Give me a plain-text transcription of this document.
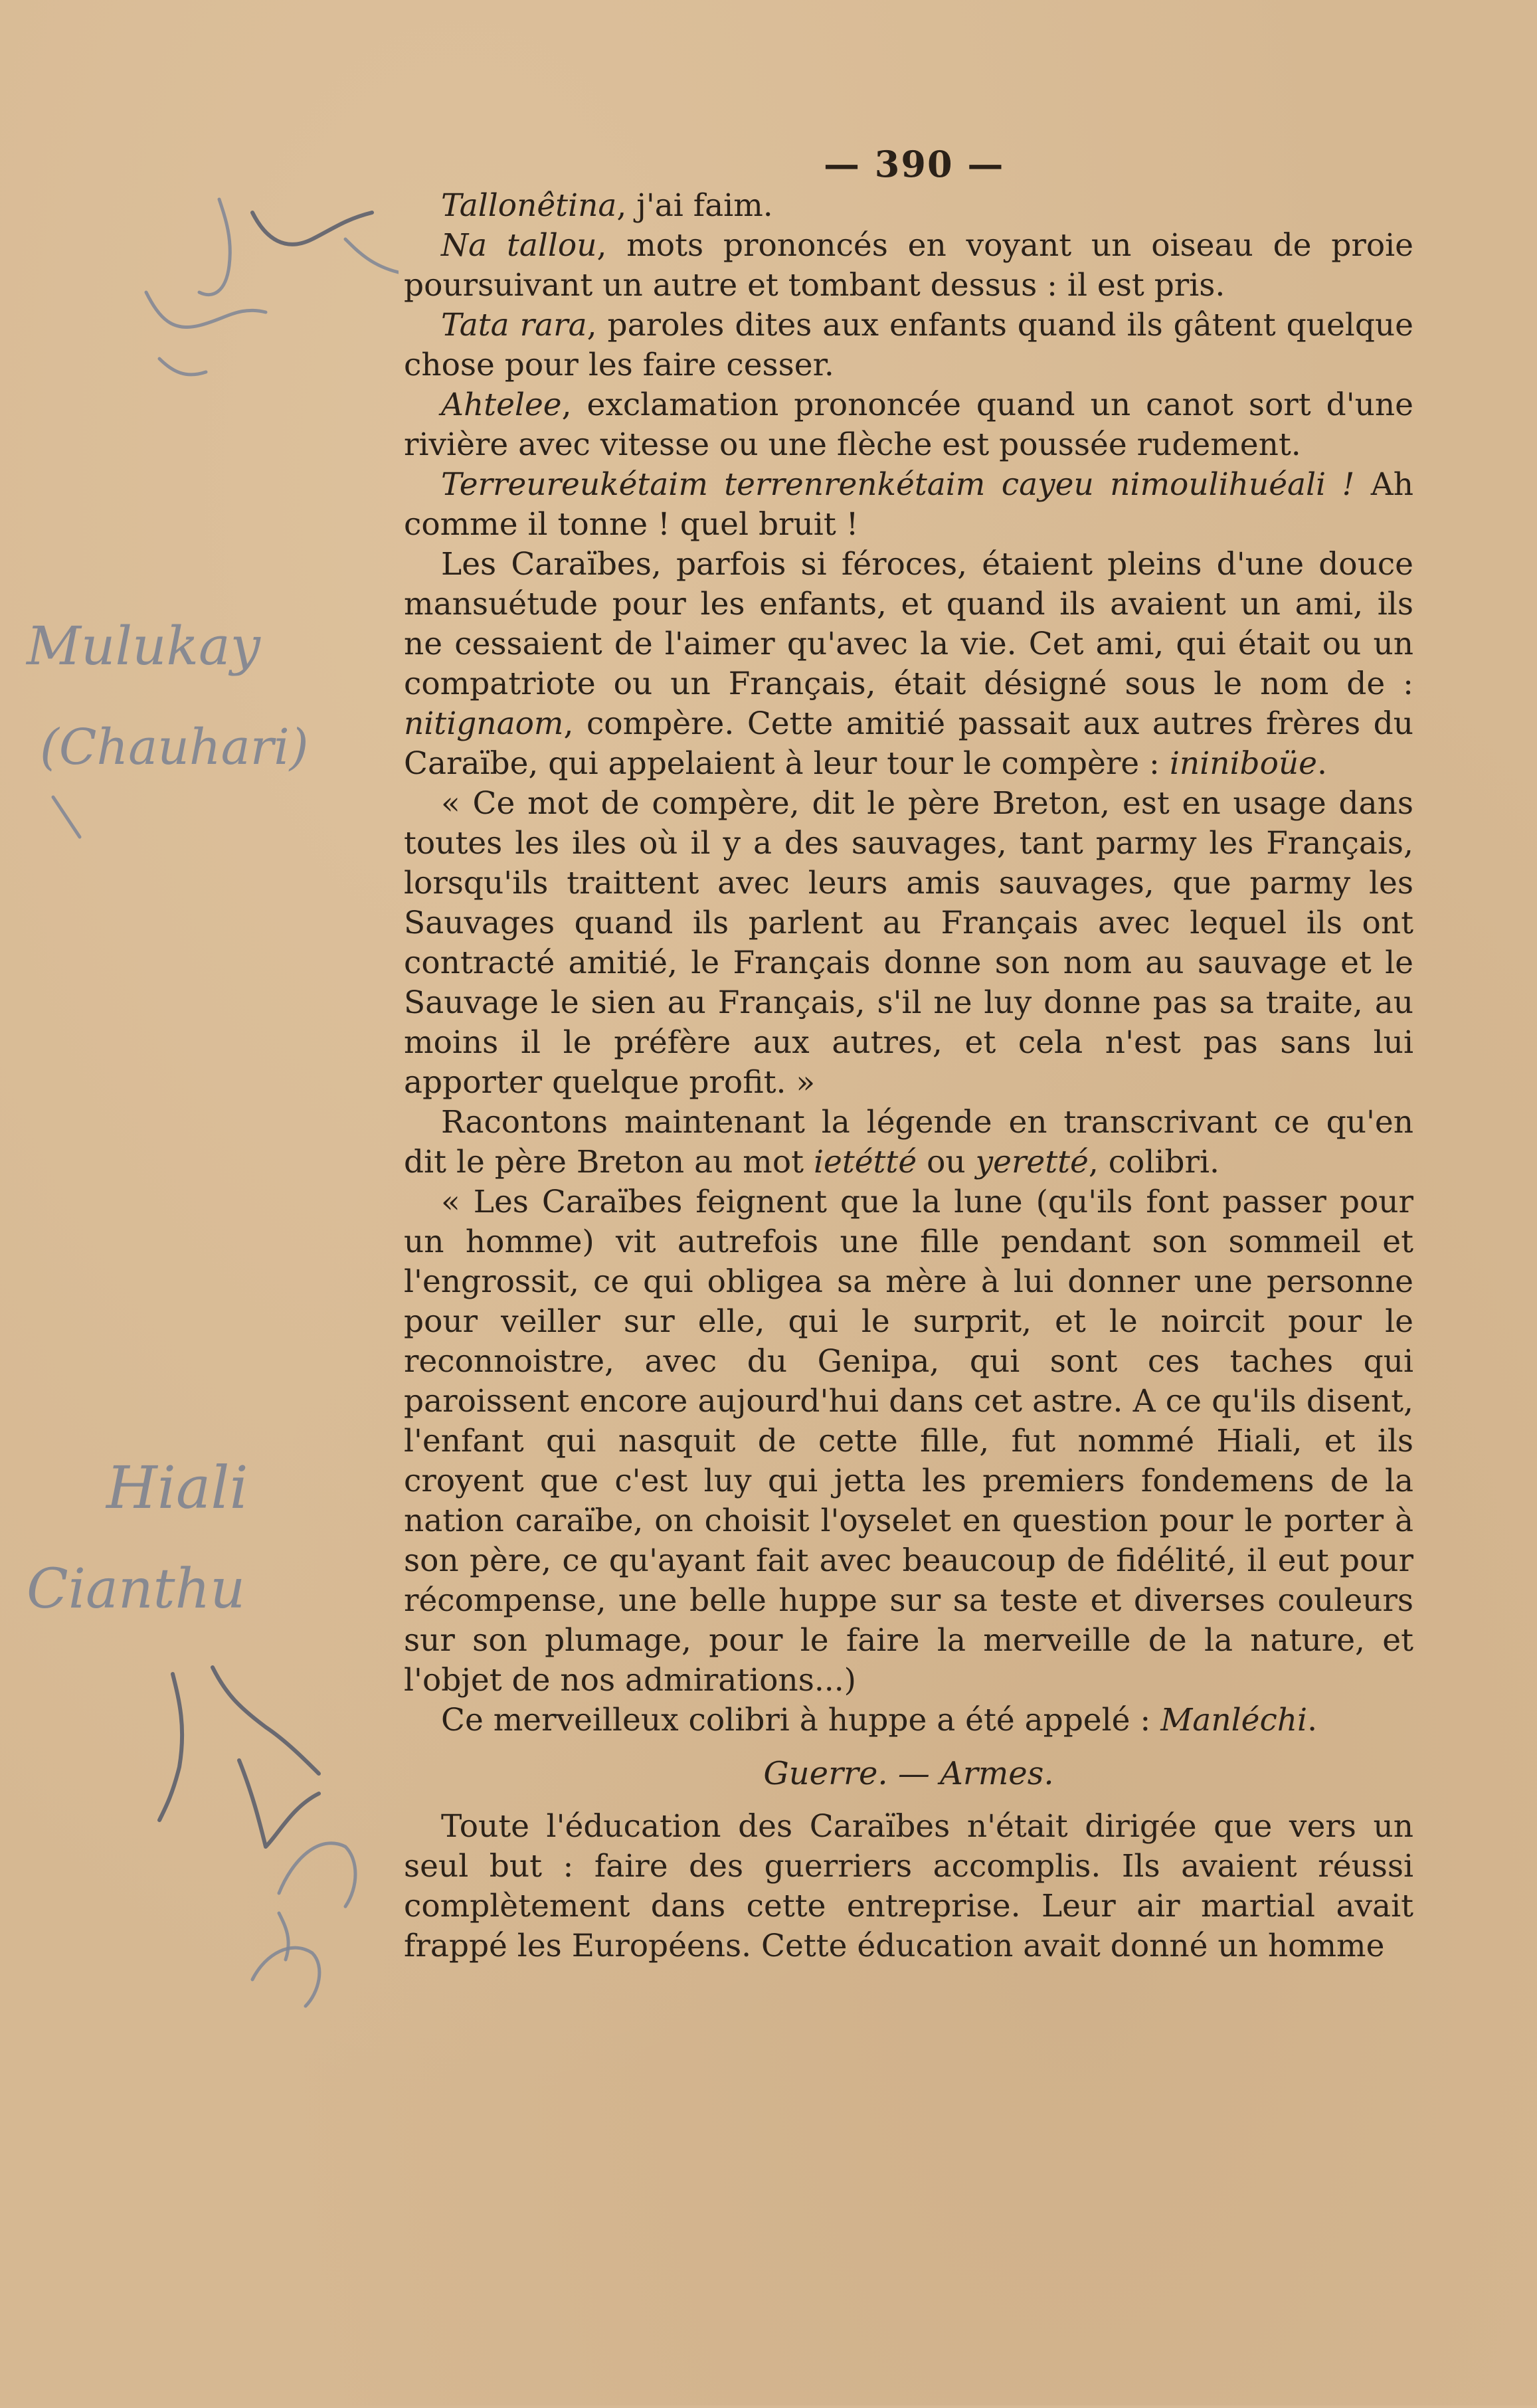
Mulukay
(Chauhari)
Hiali
Cianthu
— 390 —

Tallonêtina, j'ai faim.

Na tallou, mots prononcés en voyant un oiseau de proie poursuivant un autre et tombant dessus : il est pris.

Tata rara, paroles dites aux enfants quand ils gâtent quelque chose pour les faire cesser.

Ahtelee, exclamation prononcée quand un canot sort d'une rivière avec vitesse ou une flèche est poussée rudement.

Terreureukétaim terrenrenkétaim cayeu nimoulihuéali ! Ah comme il tonne ! quel bruit !

Les Caraïbes, parfois si féroces, étaient pleins d'une douce mansuétude pour les enfants, et quand ils avaient un ami, ils ne cessaient de l'aimer qu'avec la vie. Cet ami, qui était ou un compatriote ou un Français, était désigné sous le nom de : nitignaom, compère. Cette amitié passait aux autres frères du Caraïbe, qui appelaient à leur tour le compère : ininiboüe.

« Ce mot de compère, dit le père Breton, est en usage dans toutes les iles où il y a des sauvages, tant parmy les Français, lorsqu'ils traittent avec leurs amis sauvages, que parmy les Sauvages quand ils parlent au Français avec lequel ils ont contracté amitié, le Français donne son nom au sauvage et le Sauvage le sien au Français, s'il ne luy donne pas sa traite, au moins il le préfère aux autres, et cela n'est pas sans lui apporter quelque profit. »

Racontons maintenant la légende en transcrivant ce qu'en dit le père Breton au mot ietétté ou yeretté, colibri.

« Les Caraïbes feignent que la lune (qu'ils font passer pour un homme) vit autrefois une fille pendant son sommeil et l'engrossit, ce qui obligea sa mère à lui donner une personne pour veiller sur elle, qui le surprit, et le noircit pour le reconnoistre, avec du Genipa, qui sont ces taches qui paroissent encore aujourd'hui dans cet astre. A ce qu'ils disent, l'enfant qui nasquit de cette fille, fut nommé Hiali, et ils croyent que c'est luy qui jetta les premiers fondemens de la nation caraïbe, on choisit l'oyselet en question pour le porter à son père, ce qu'ayant fait avec beaucoup de fidélité, il eut pour récompense, une belle huppe sur sa teste et diverses couleurs sur son plumage, pour le faire la merveille de la nature, et l'objet de nos admirations...)

Ce merveilleux colibri à huppe a été appelé : Manléchi.

Guerre. — Armes.

Toute l'éducation des Caraïbes n'était dirigée que vers un seul but : faire des guerriers accomplis. Ils avaient réussi complètement dans cette entreprise. Leur air martial avait frappé les Européens. Cette éducation avait donné un homme
